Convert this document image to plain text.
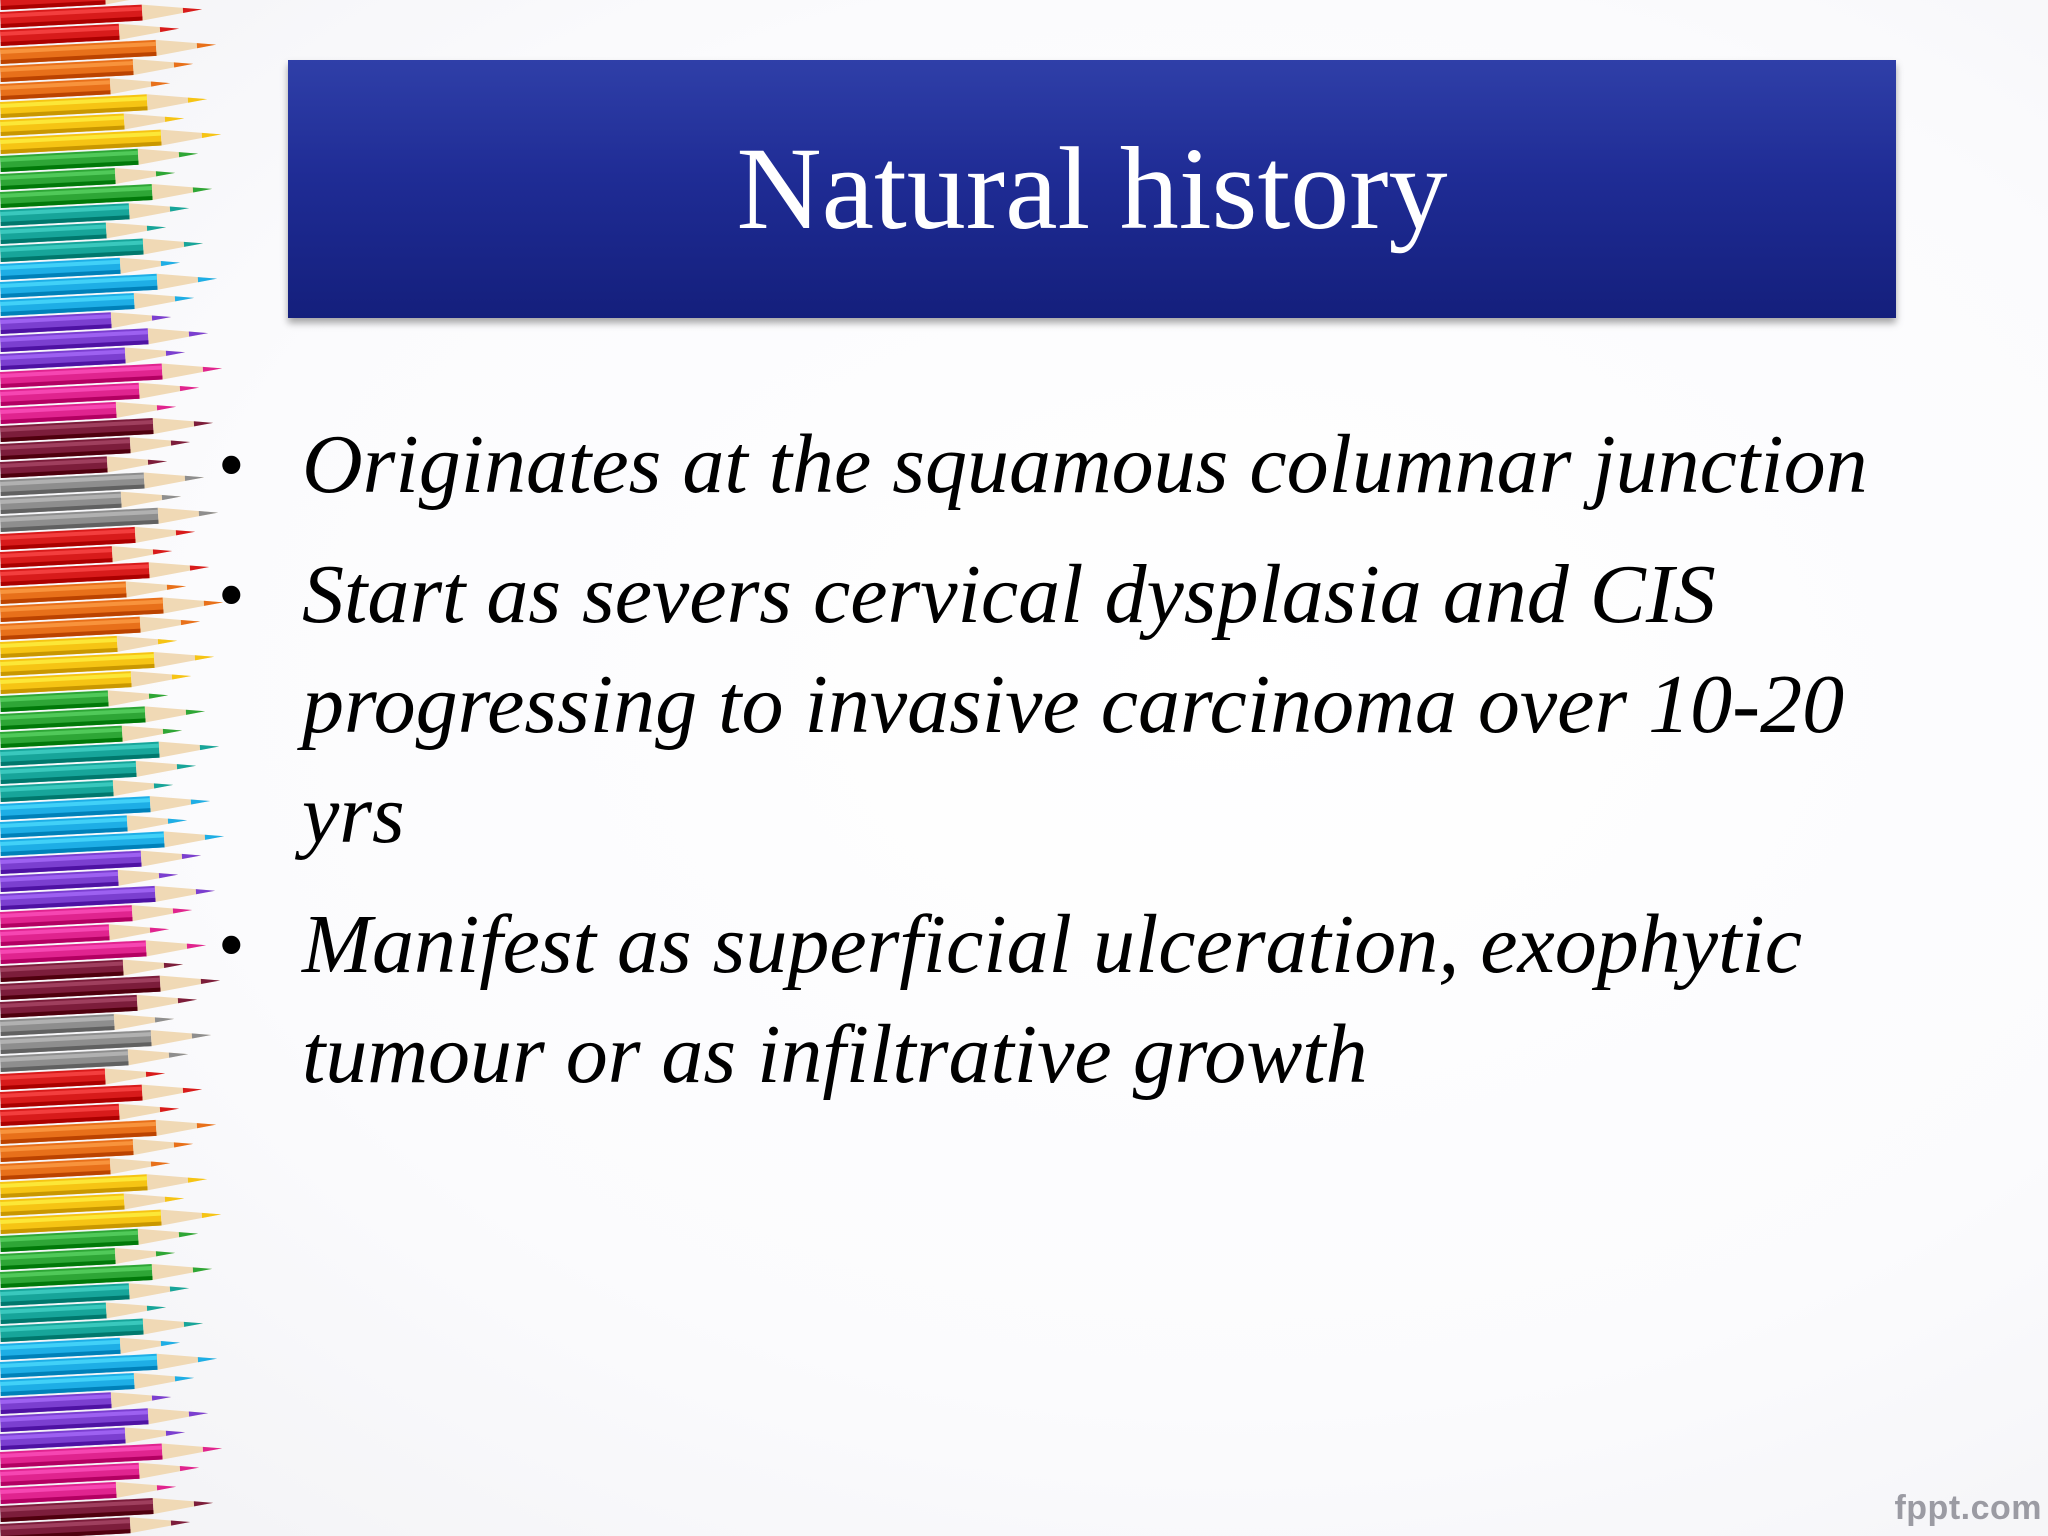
Natural history
• Originates at the squamous columnar junction
• Start as severs cervical dysplasia and CIS progressing to invasive carcinoma over 10-20 yrs
• Manifest as superficial ulceration, exophytic tumour or as infiltrative growth
fppt.com
